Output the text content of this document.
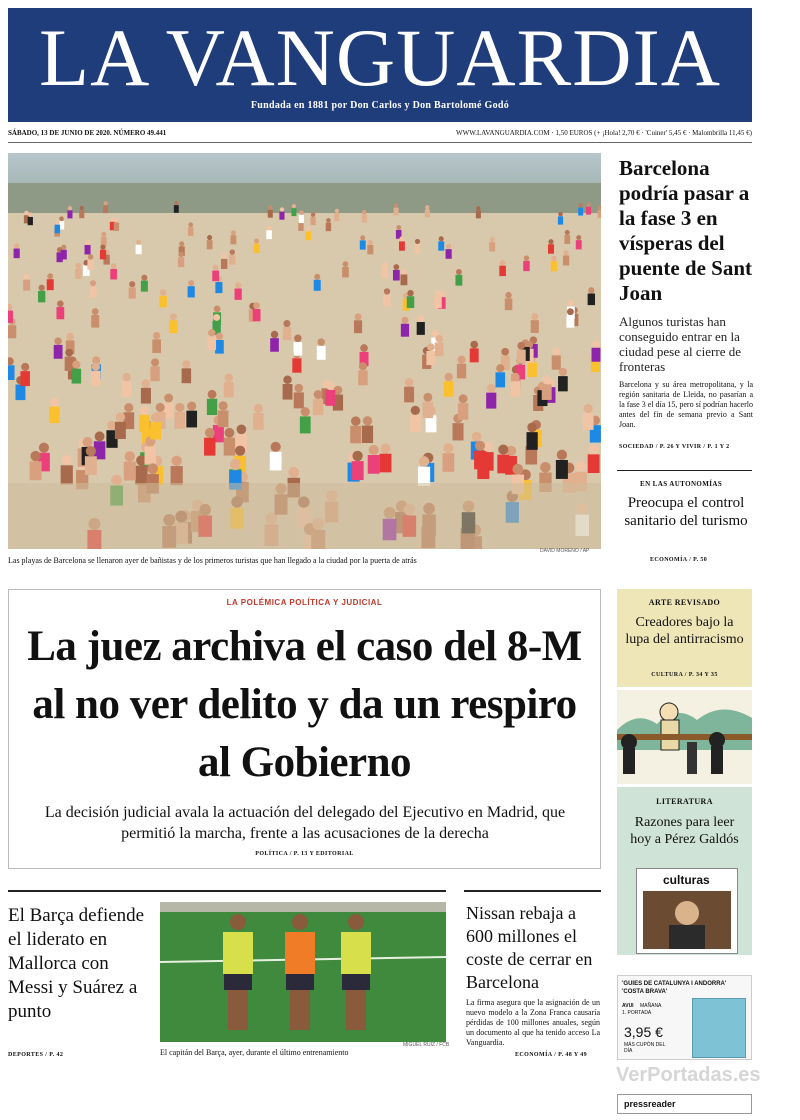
LA VANGUARDIA
Fundada en 1881 por Don Carlos y Don Bartolomé Godó
SÁBADO, 13 DE JUNIO DE 2020. NÚMERO 49.441	WWW.LAVANGUARDIA.COM · 1,50 EUROS (+ ¡Hola! 2,70 € · 'Cuiner' 5,45 € · Malombrilla 11,45 €)
Las playas de Barcelona se llenaron ayer de bañistas y de los primeros turistas que han llegado a la ciudad por la puerta de atrás
DAVID MORENO / AP
Barcelona podría pasar a la fase 3 en vísperas del puente de Sant Joan
Algunos turistas han conseguido entrar en la ciudad pese al cierre de fronteras
Barcelona y su área metropolitana, y la región sanitaria de Lleida, no pasarían a la fase 3 el día 15, pero sí podrían hacerlo antes del fin de semana previo a Sant Joan.
SOCIEDAD / P. 26 Y VIVIR / P. 1 Y 2
EN LAS AUTONOMÍAS
Preocupa el control sanitario del turismo
ECONOMÍA / P. 50
LA POLÉMICA POLÍTICA Y JUDICIAL
La juez archiva el caso del 8-M al no ver delito y da un respiro al Gobierno
La decisión judicial avala la actuación del delegado del Ejecutivo en Madrid, que permitió la marcha, frente a las acusaciones de la derecha
POLÍTICA / P. 13 Y EDITORIAL
ARTE REVISADO
Creadores bajo la lupa del antirracismo
CULTURA / P. 34 Y 35
LITERATURA
Razones para leer hoy a Pérez Galdós
culturas
El Barça defiende el liderato en Mallorca con Messi y Suárez a punto
DEPORTES / P. 42	El capitán del Barça, ayer, durante el último entrenamiento
MIGUEL RUIZ / FCB
Nissan rebaja a 600 millones el coste de cerrar en Barcelona
La firma asegura que la asignación de un nuevo modelo a la Zona Franca causaría pérdidas de 100 millones anuales, según un documento al que ha tenido acceso La Vanguardia.
ECONOMÍA / P. 48 Y 49
'GUIES DE CATALUNYA I ANDORRA' 'COSTA BRAVA'
AVUI MAÑANA
1. PORTADA
3,95 €
MÁS CUPÓN DEL DÍA
VerPortadas.es
pressreader
